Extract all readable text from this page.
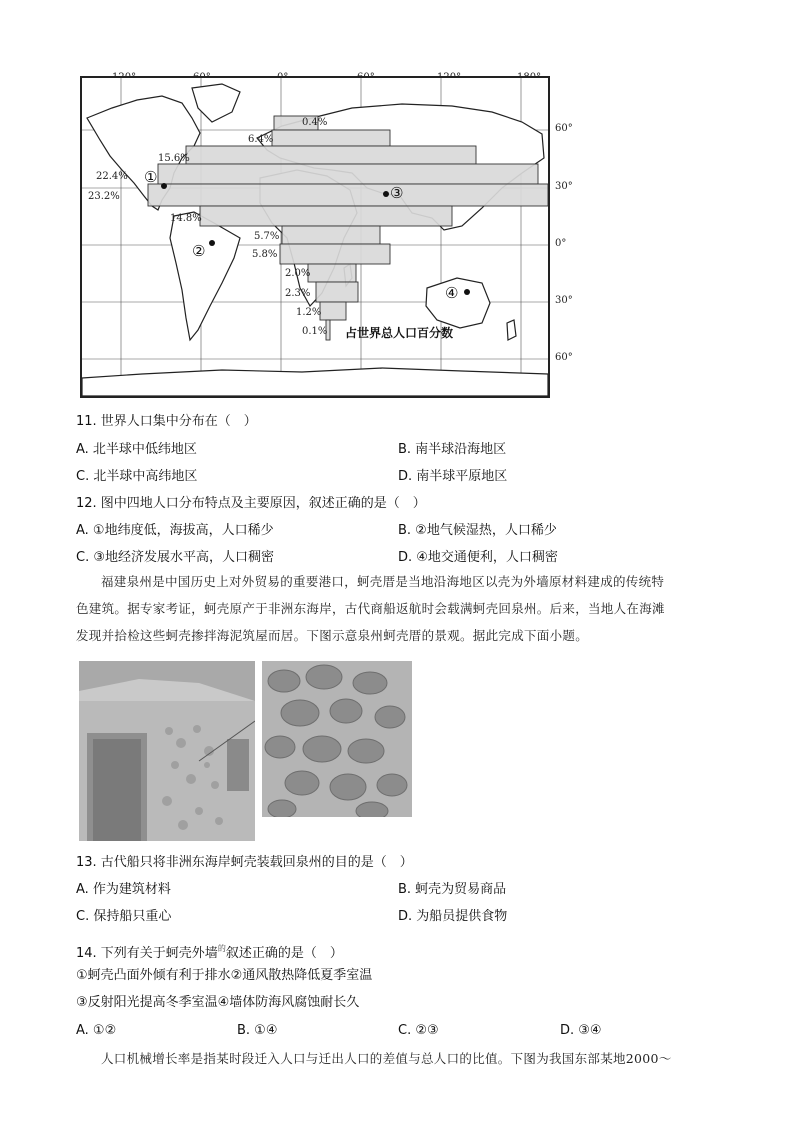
60°
30°
0°
30°
60°
0.4%
6.4%
15.6%
22.4%
23.2%
14.8%
5.7%
5.8%
2.0%
2.3%
1.2%
0.1%
①
②
③
④
占世界总人口百分数
11. 世界人口集中分布在（　）
A. 北半球中低纬地区	B. 南半球沿海地区
C. 北半球中高纬地区	D. 南半球平原地区
12. 图中四地人口分布特点及主要原因，叙述正确的是（　）
A. ①地纬度低，海拔高，人口稀少	B. ②地气候湿热，人口稀少
C. ③地经济发展水平高，人口稠密	D. ④地交通便利，人口稠密
福建泉州是中国历史上对外贸易的重要港口，蚵壳厝是当地沿海地区以壳为外墙原材料建成的传统特
色建筑。据专家考证，蚵壳原产于非洲东海岸，古代商船返航时会载满蚵壳回泉州。后来，当地人在海滩
发现并拾检这些蚵壳掺拌海泥筑屋而居。下图示意泉州蚵壳厝的景观。据此完成下面小题。
13. 古代船只将非洲东海岸蚵壳装载回泉州的目的是（　）
A. 作为建筑材料	B. 蚵壳为贸易商品
C. 保持船只重心	D. 为船员提供食物
14. 下列有关于蚵壳外墙$^的$叙述正确的是（　）
①蚵壳凸面外倾有利于排水②通风散热降低夏季室温
③反射阳光提高冬季室温④墙体防海风腐蚀耐长久
A. ①②	B. ①④	C. ②③	D. ③④
人口机械增长率是指某时段迁入人口与迁出人口的差值与总人口的比值。下图为我国东部某地2000～
